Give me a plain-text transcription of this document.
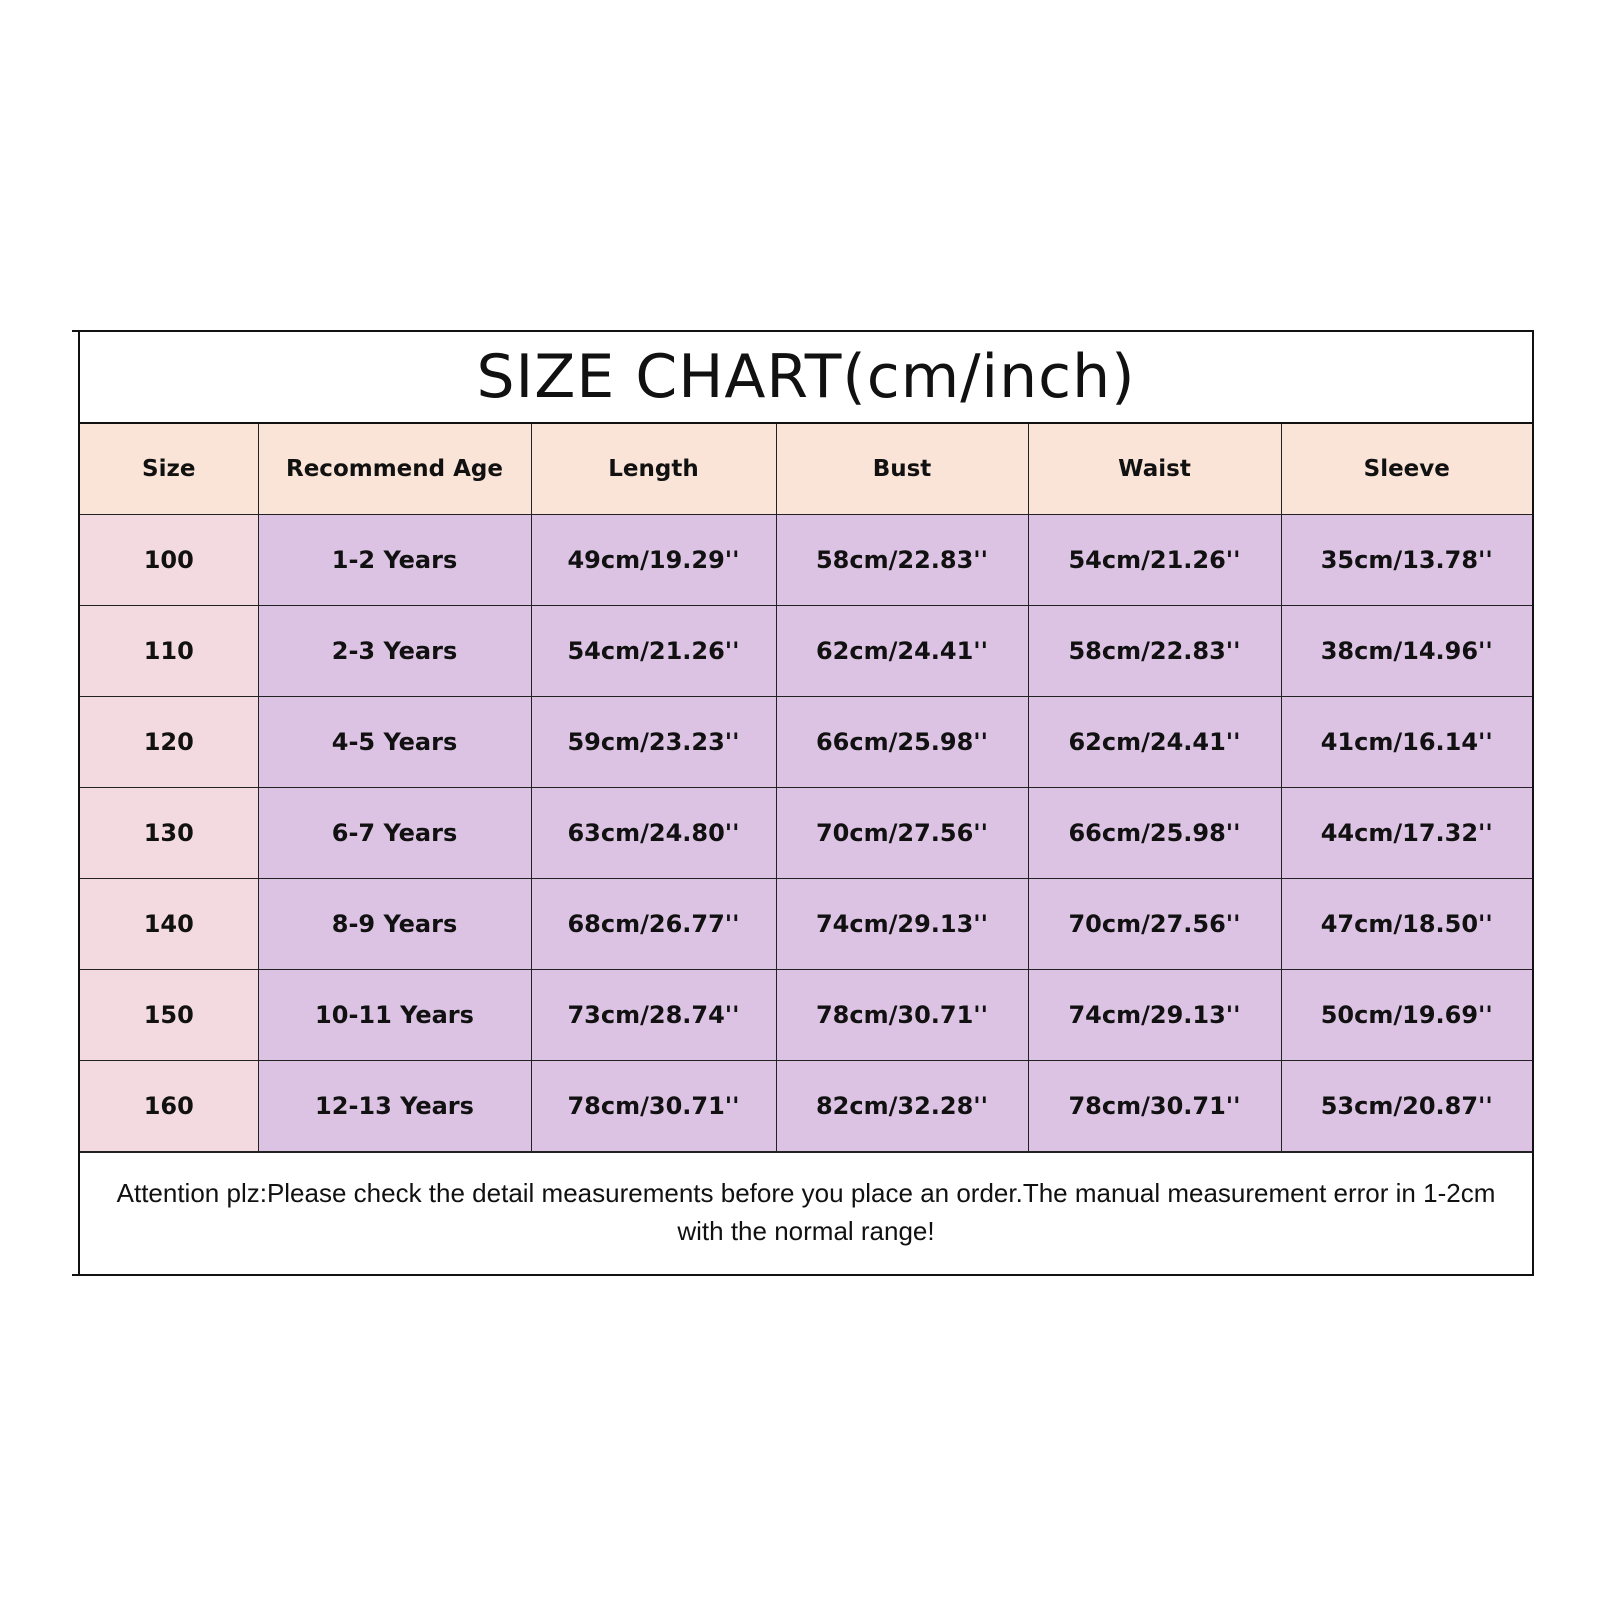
SIZE CHART(cm/inch)
Size	Recommend Age	Length	Bust	Waist	Sleeve
100	1-2 Years	49cm/19.29''	58cm/22.83''	54cm/21.26''	35cm/13.78''
110	2-3 Years	54cm/21.26''	62cm/24.41''	58cm/22.83''	38cm/14.96''
120	4-5 Years	59cm/23.23''	66cm/25.98''	62cm/24.41''	41cm/16.14''
130	6-7 Years	63cm/24.80''	70cm/27.56''	66cm/25.98''	44cm/17.32''
140	8-9 Years	68cm/26.77''	74cm/29.13''	70cm/27.56''	47cm/18.50''
150	10-11 Years	73cm/28.74''	78cm/30.71''	74cm/29.13''	50cm/19.69''
160	12-13 Years	78cm/30.71''	82cm/32.28''	78cm/30.71''	53cm/20.87''
Attention plz:Please check the detail measurements before you place an order.The manual measurement error in 1-2cm with the normal range!
